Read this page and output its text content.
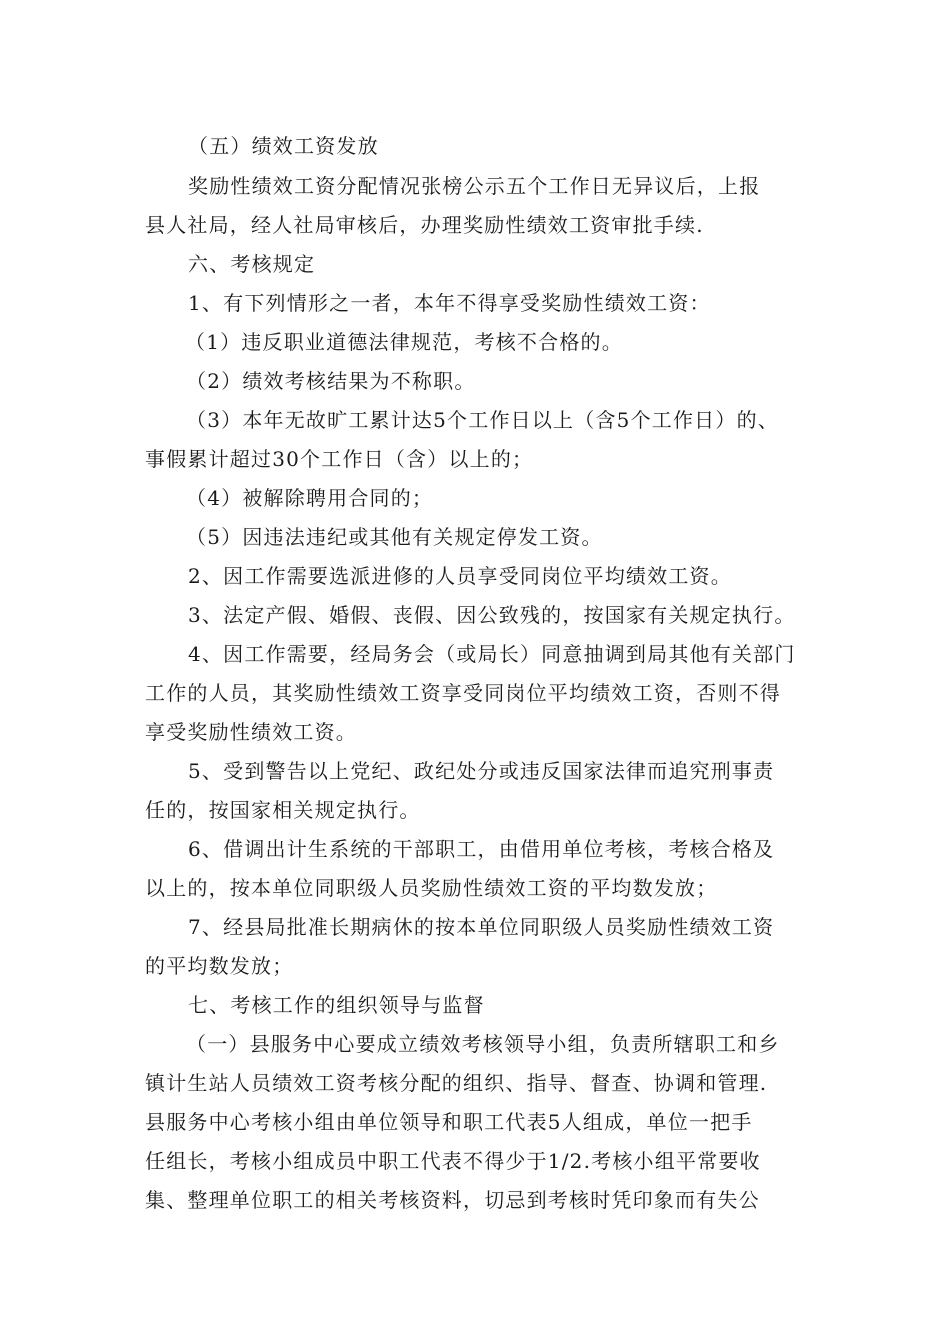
（五）绩效工资发放
奖励性绩效工资分配情况张榜公示五个工作日无异议后，上报
县人社局，经人社局审核后，办理奖励性绩效工资审批手续.
六、考核规定
1、有下列情形之一者，本年不得享受奖励性绩效工资：
（1）违反职业道德法律规范，考核不合格的。
（2）绩效考核结果为不称职。
（3）本年无故旷工累计达5个工作日以上（含5个工作日）的、
事假累计超过30个工作日（含）以上的；
（4）被解除聘用合同的；
（5）因违法违纪或其他有关规定停发工资。
2、因工作需要选派进修的人员享受同岗位平均绩效工资。
3、法定产假、婚假、丧假、因公致残的，按国家有关规定执行。
4、因工作需要，经局务会（或局长）同意抽调到局其他有关部门
工作的人员，其奖励性绩效工资享受同岗位平均绩效工资，否则不得
享受奖励性绩效工资。
5、受到警告以上党纪、政纪处分或违反国家法律而追究刑事责
任的，按国家相关规定执行。
6、借调出计生系统的干部职工，由借用单位考核，考核合格及
以上的，按本单位同职级人员奖励性绩效工资的平均数发放；
7、经县局批准长期病休的按本单位同职级人员奖励性绩效工资
的平均数发放；
七、考核工作的组织领导与监督
（一）县服务中心要成立绩效考核领导小组，负责所辖职工和乡
镇计生站人员绩效工资考核分配的组织、指导、督查、协调和管理.
县服务中心考核小组由单位领导和职工代表5人组成，单位一把手
任组长，考核小组成员中职工代表不得少于1/2.考核小组平常要收
集、整理单位职工的相关考核资料，切忌到考核时凭印象而有失公
